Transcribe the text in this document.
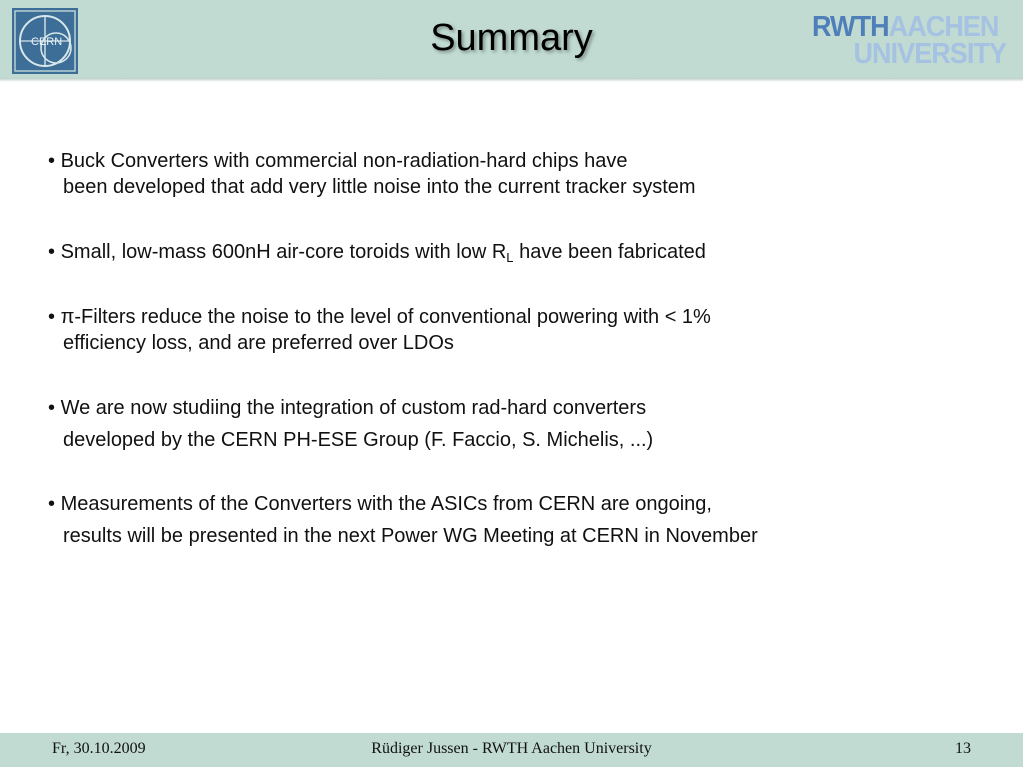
CERN	Summary	RWTHAACHEN
UNIVERSITY
• Buck Converters with commercial non-radiation-hard chips have
been developed that add very little noise into the current tracker system
• Small, low-mass 600nH air-core toroids with low $R_L$ have been fabricated
• π-Filters reduce the noise to the level of conventional powering with < 1%
efficiency loss, and are preferred over LDOs
• We are now studiing the integration of custom rad-hard converters
developed by the CERN PH-ESE Group (F. Faccio, S. Michelis, ...)
• Measurements of the Converters with the ASICs from CERN are ongoing,
results will be presented in the next Power WG Meeting at CERN in November
Fr, 30.10.2009	Rüdiger Jussen - RWTH Aachen University	13
